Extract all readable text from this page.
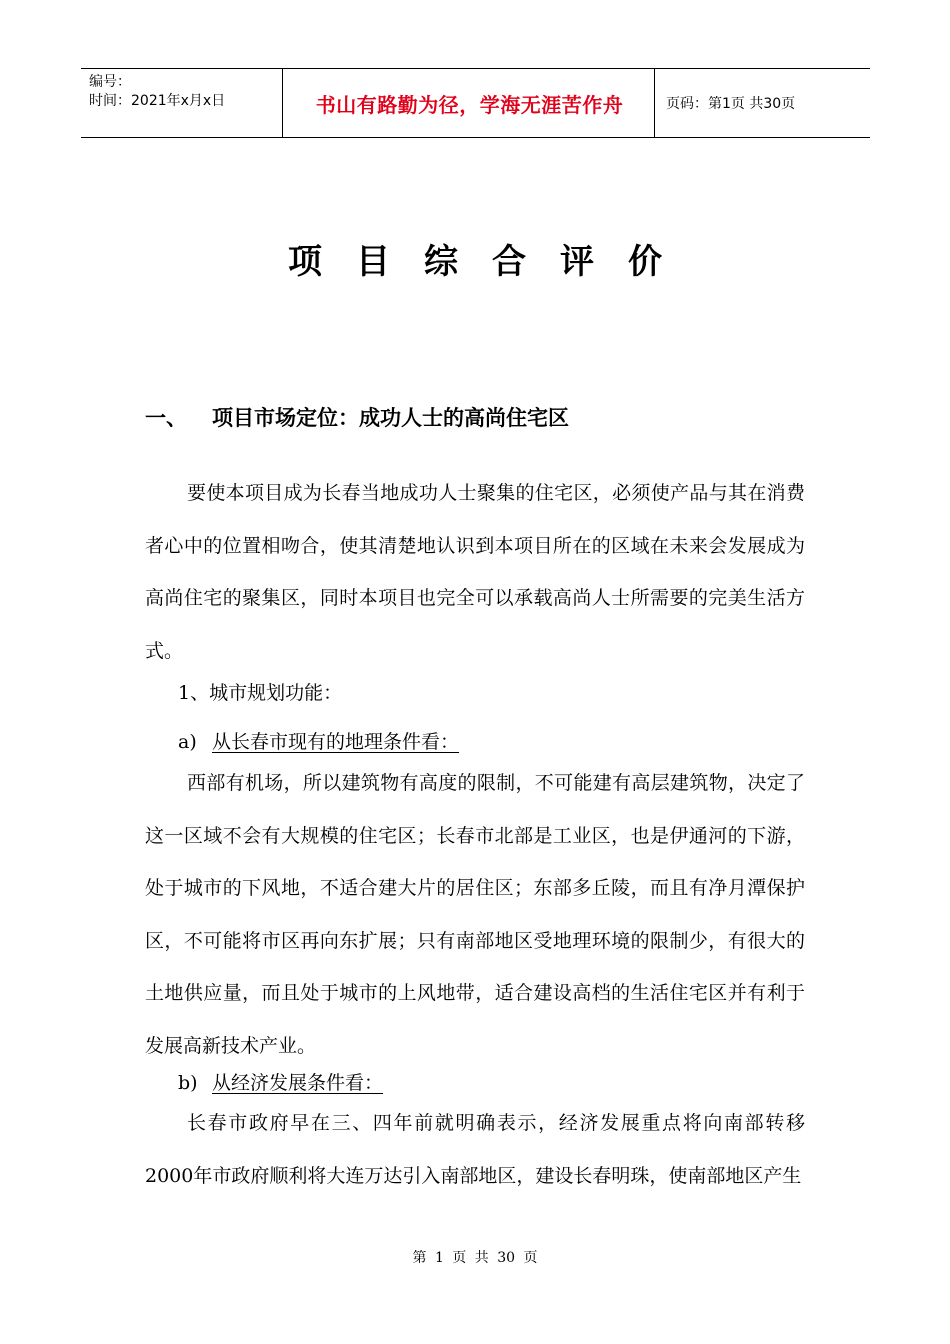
编号：
时间：2021年x月x日	书山有路勤为径，学海无涯苦作舟	页码：第1页 共30页
项目综合评价
一、 项目市场定位：成功人士的高尚住宅区
要使本项目成为长春当地成功人士聚集的住宅区，必须使产品与其在消费者心中的位置相吻合，使其清楚地认识到本项目所在的区域在未来会发展成为高尚住宅的聚集区，同时本项目也完全可以承载高尚人士所需要的完美生活方式。
1、城市规划功能：
a) 从长春市现有的地理条件看：
西部有机场，所以建筑物有高度的限制，不可能建有高层建筑物，决定了这一区域不会有大规模的住宅区；长春市北部是工业区，也是伊通河的下游，处于城市的下风地，不适合建大片的居住区；东部多丘陵，而且有净月潭保护区，不可能将市区再向东扩展；只有南部地区受地理环境的限制少，有很大的土地供应量，而且处于城市的上风地带，适合建设高档的生活住宅区并有利于发展高新技术产业。
b) 从经济发展条件看：
长春市政府早在三、四年前就明确表示，经济发展重点将向南部转移2000年市政府顺利将大连万达引入南部地区，建设长春明珠，使南部地区产生
第 1 页 共 30 页
